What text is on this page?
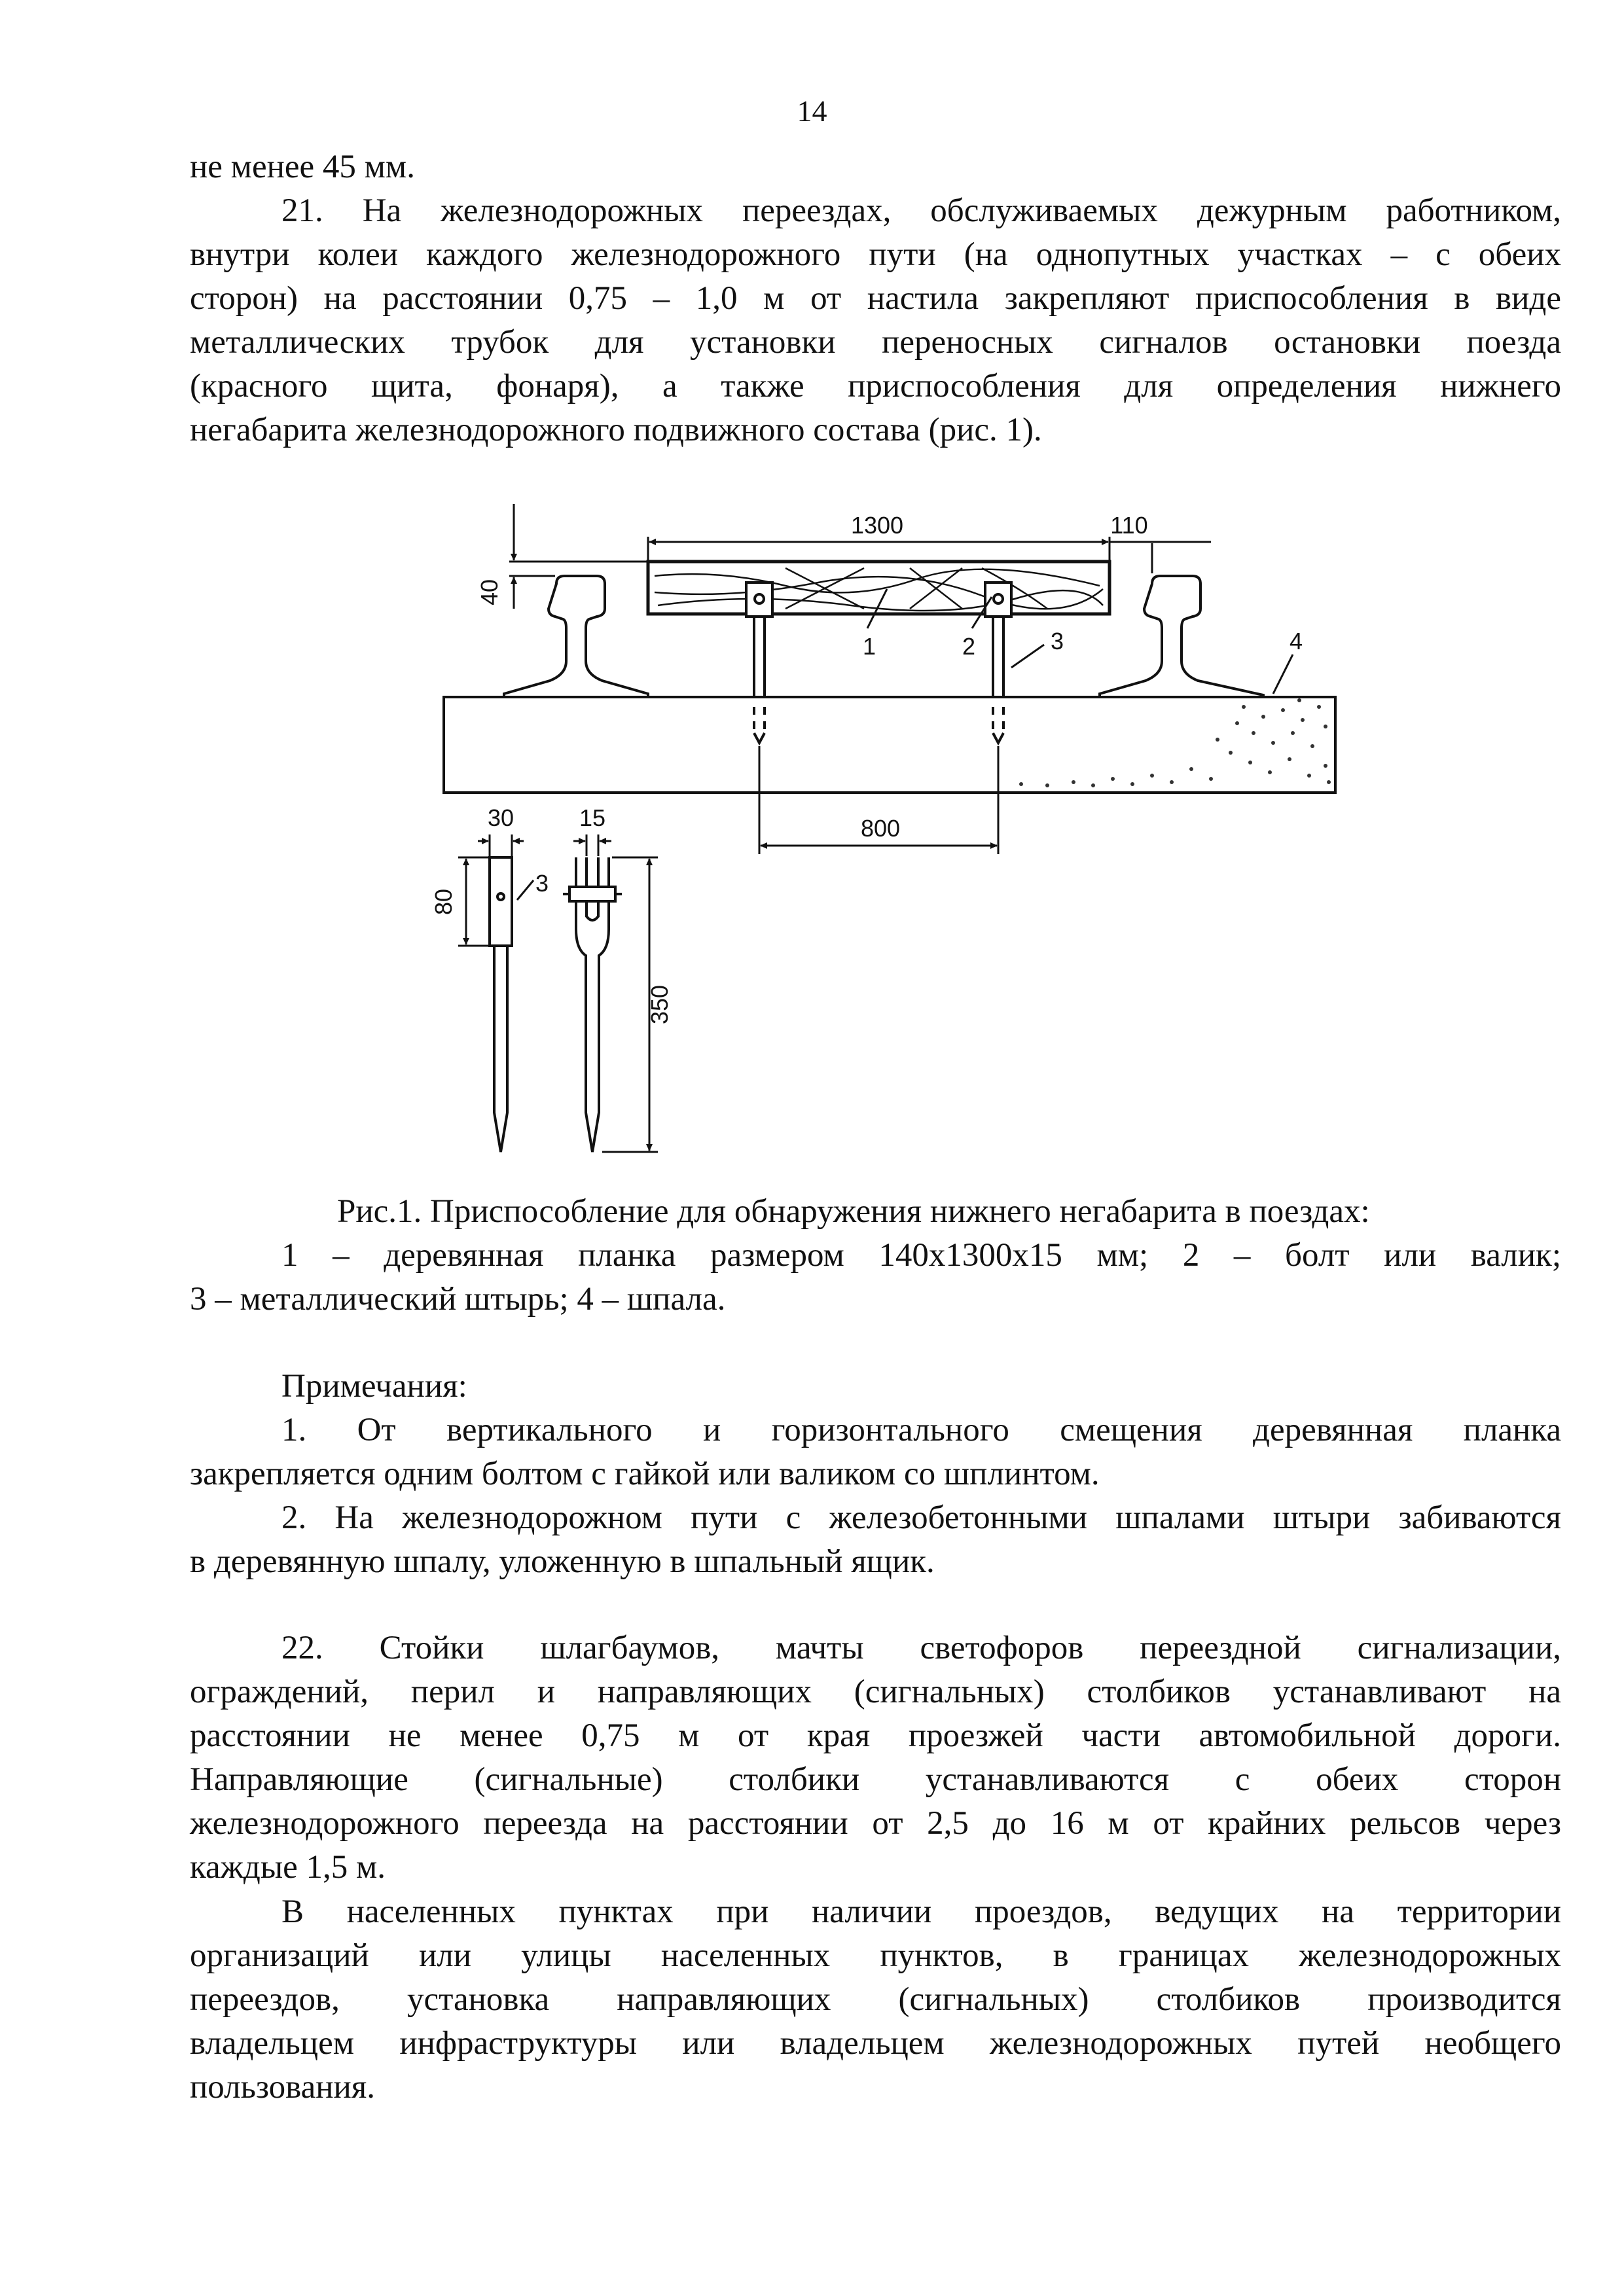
14
не менее 45 мм.
21. На железнодорожных переездах, обслуживаемых дежурным работником,
внутри колеи каждого железнодорожного пути (на однопутных участках – с обеих
сторон) на расстоянии 0,75 – 1,0 м от настила закрепляют приспособления в виде
металлических трубок для установки переносных сигналов остановки поезда
(красного щита, фонаря), а также приспособления для определения нижнего
негабарита железнодорожного подвижного состава (рис. 1).
1300	110
40
800
1	2	3	4
30
80
3
15
350
Рис.1. Приспособление для обнаружения нижнего негабарита в поездах:
1 – деревянная планка размером 140х1300х15 мм; 2 – болт или валик;
3 – металлический штырь; 4 – шпала.
Примечания:
1. От вертикального и горизонтального смещения деревянная планка
закрепляется одним болтом с гайкой или валиком со шплинтом.
2. На железнодорожном пути с железобетонными шпалами штыри забиваются
в деревянную шпалу, уложенную в шпальный ящик.
22. Стойки шлагбаумов, мачты светофоров переездной сигнализации,
ограждений, перил и направляющих (сигнальных) столбиков устанавливают на
расстоянии не менее 0,75 м от края проезжей части автомобильной дороги.
Направляющие (сигнальные) столбики устанавливаются с обеих сторон
железнодорожного переезда на расстоянии от 2,5 до 16 м от крайних рельсов через
каждые 1,5 м.
В населенных пунктах при наличии проездов, ведущих на территории
организаций или улицы населенных пунктов, в границах железнодорожных
переездов, установка направляющих (сигнальных) столбиков производится
владельцем инфраструктуры или владельцем железнодорожных путей необщего
пользования.
